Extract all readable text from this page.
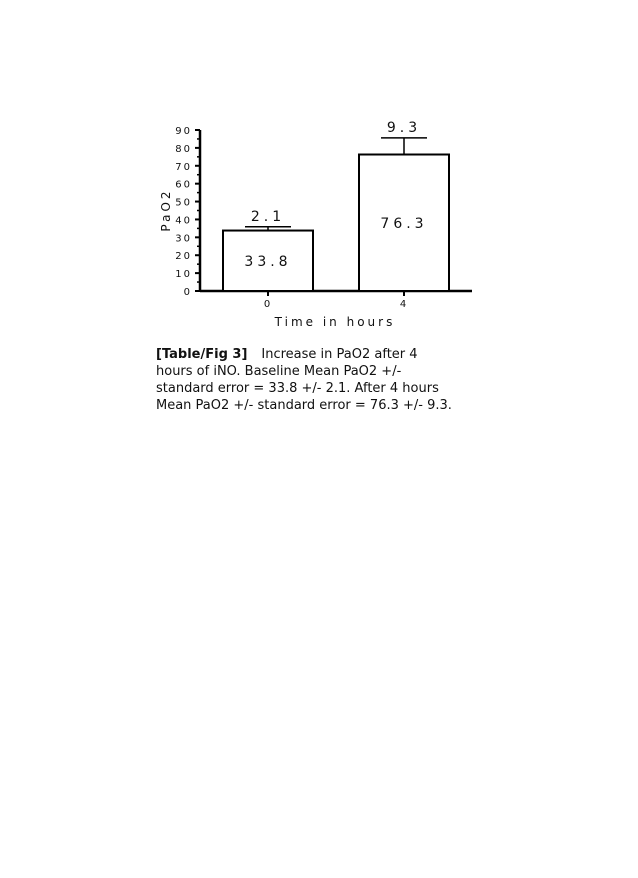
0
10
20
30
40
50
60
70
80
90
0	4
2.1
33.8
9.3
76.3
PaO2
Time in hours
[Table/Fig 3] Increase in PaO2 after 4 hours of iNO. Baseline Mean PaO2 +/- standard error = 33.8 +/- 2.1. After 4 hours Mean PaO2 +/- standard error = 76.3 +/- 9.3.
